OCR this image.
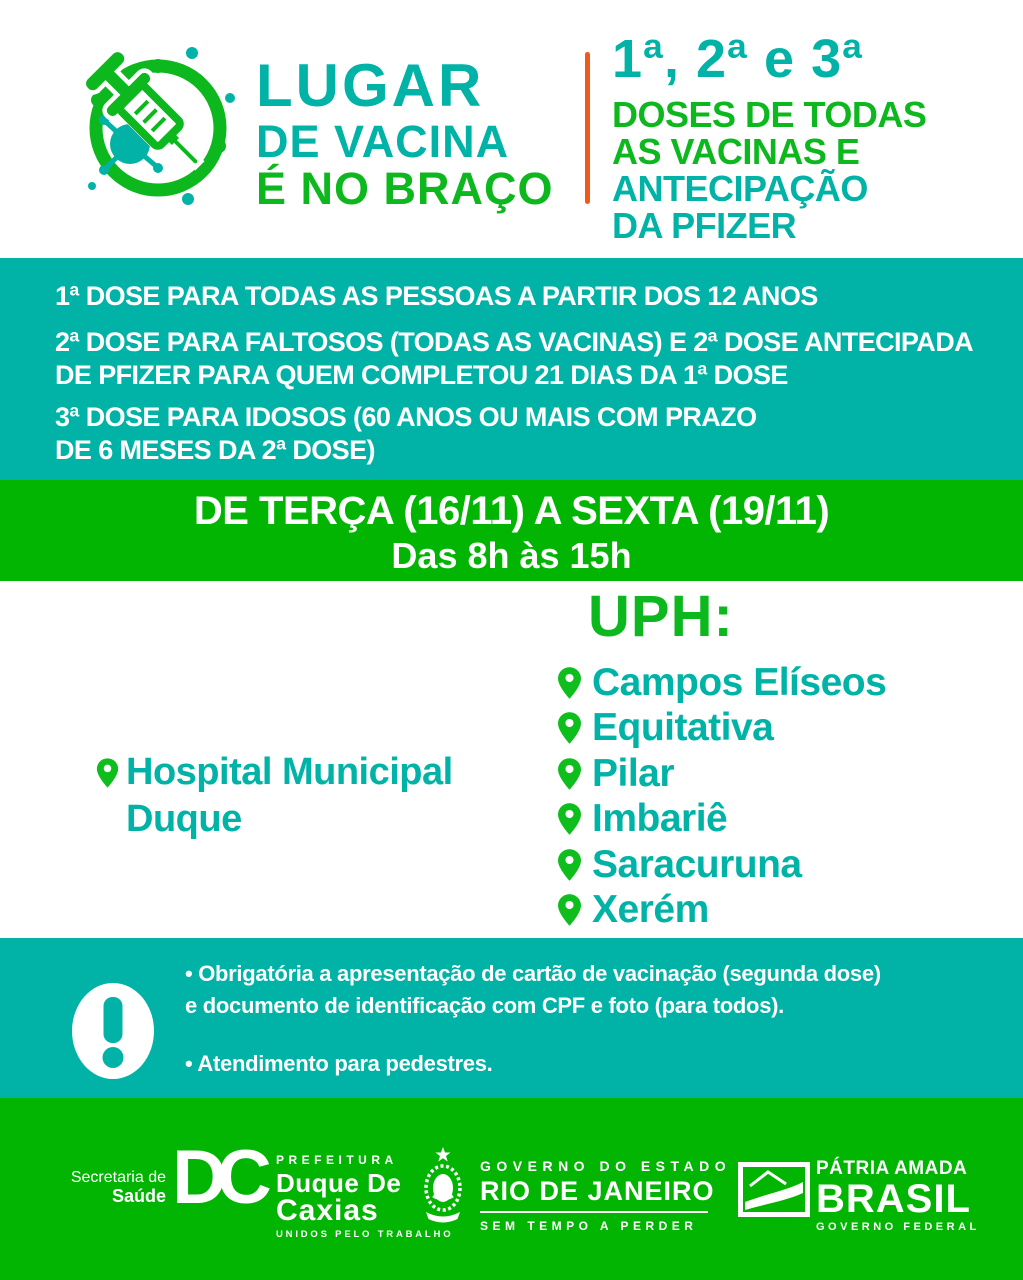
LUGAR
DE VACINA
É NO BRAÇO
1ª, 2ª e 3ª
DOSES DE TODAS
AS VACINAS E
ANTECIPAÇÃO
DA PFIZER
1ª DOSE PARA TODAS AS PESSOAS A PARTIR DOS 12 ANOS
2ª DOSE PARA FALTOSOS (TODAS AS VACINAS) E 2ª DOSE ANTECIPADA
DE PFIZER PARA QUEM COMPLETOU 21 DIAS DA 1ª DOSE
3ª DOSE PARA IDOSOS (60 ANOS OU MAIS COM PRAZO
DE 6 MESES DA 2ª DOSE)
DE TERÇA (16/11) A SEXTA (19/11)
Das 8h às 15h
UPH:
Campos Elíseos
Equitativa
Pilar
Imbariê
Saracuruna
Xerém
Hospital Municipal
Duque
• Obrigatória a apresentação de cartão de vacinação (segunda dose)
e documento de identificação com CPF e foto (para todos).
• Atendimento para pedestres.
Secretaria de
Saúde DC PREFEITURA
Duque De
Caxias
UNIDOS PELO TRABALHO
GOVERNO DO ESTADO
RIO DE JANEIRO
SEM TEMPO A PERDER
PÁTRIA AMADA
BRASIL
GOVERNO FEDERAL
